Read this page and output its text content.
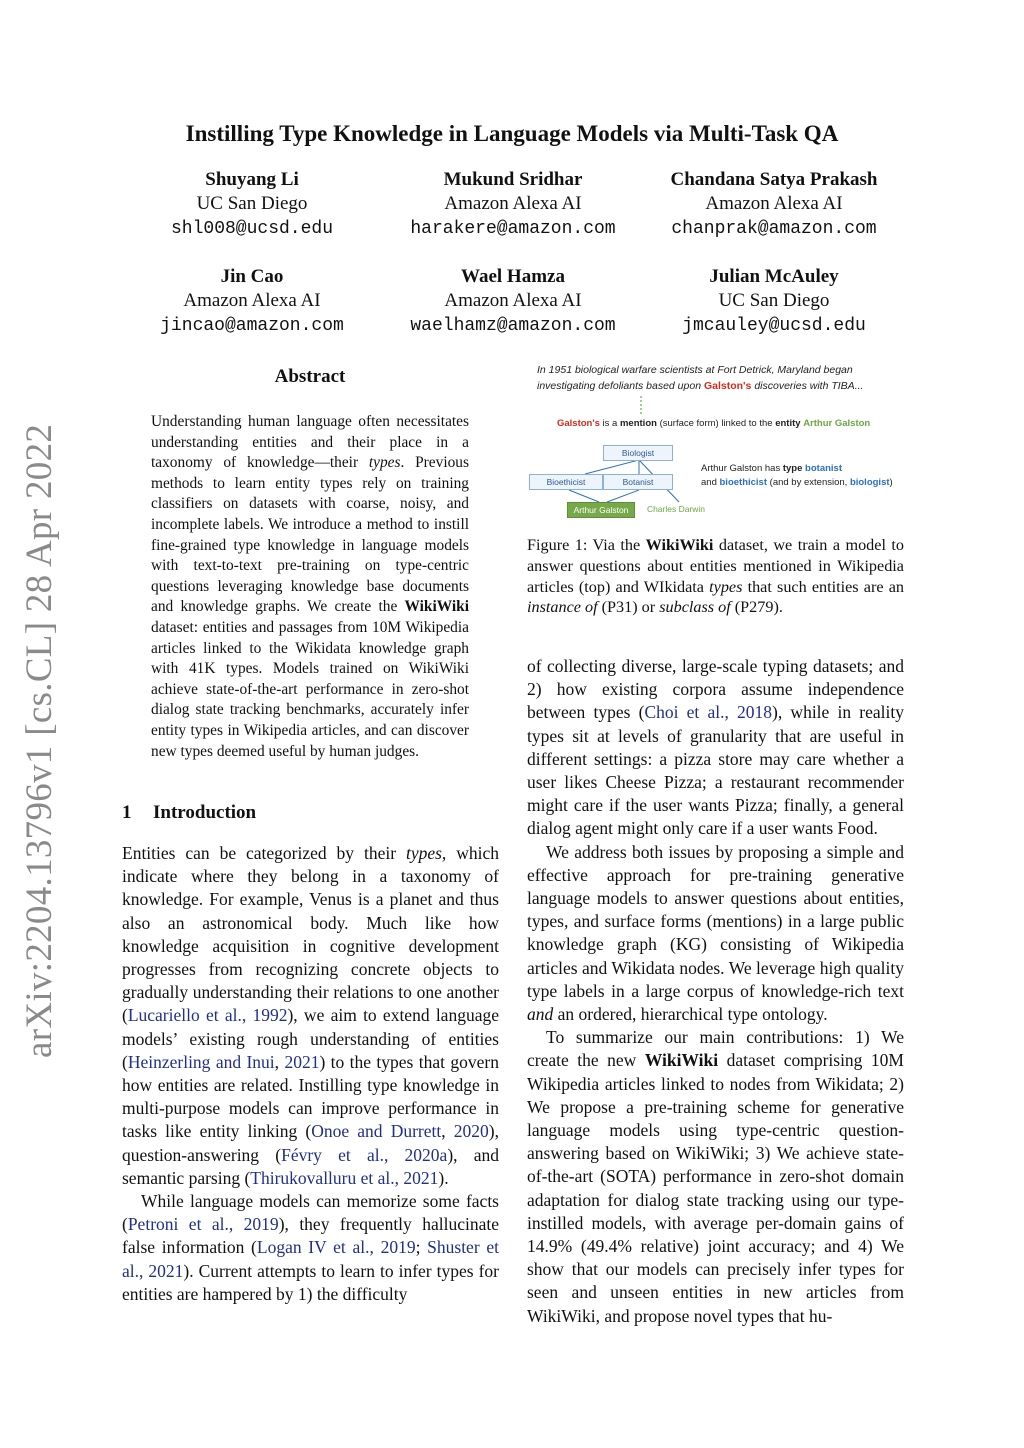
arXiv:2204.13796v1 [cs.CL] 28 Apr 2022
Instilling Type Knowledge in Language Models via Multi-Task QA
Shuyang Li
UC San Diego
shl008@ucsd.edu
Mukund Sridhar
Amazon Alexa AI
harakere@amazon.com
Chandana Satya Prakash
Amazon Alexa AI
chanprak@amazon.com
Jin Cao
Amazon Alexa AI
jincao@amazon.com
Wael Hamza
Amazon Alexa AI
waelhamz@amazon.com
Julian McAuley
UC San Diego
jmcauley@ucsd.edu
Abstract
Understanding human language often necessitates understanding entities and their place in a taxonomy of knowledge—their types. Previous methods to learn entity types rely on training classifiers on datasets with coarse, noisy, and incomplete labels. We introduce a method to instill fine-grained type knowledge in language models with text-to-text pre-training on type-centric questions leveraging knowledge base documents and knowledge graphs. We create the WikiWiki dataset: entities and passages from 10M Wikipedia articles linked to the Wikidata knowledge graph with 41K types. Models trained on WikiWiki achieve state-of-the-art performance in zero-shot dialog state tracking benchmarks, accurately infer entity types in Wikipedia articles, and can discover new types deemed useful by human judges.
1 Introduction

Entities can be categorized by their types, which indicate where they belong in a taxonomy of knowledge. For example, Venus is a planet and thus also an astronomical body. Much like how knowledge acquisition in cognitive development progresses from recognizing concrete objects to gradually understanding their relations to one another (Lucariello et al., 1992), we aim to extend language models’ existing rough understanding of entities (Heinzerling and Inui, 2021) to the types that govern how entities are related. Instilling type knowledge in multi-purpose models can improve performance in tasks like entity linking (Onoe and Durrett, 2020), question-answering (Févry et al., 2020a), and semantic parsing (Thirukovalluru et al., 2021).

While language models can memorize some facts (Petroni et al., 2019), they frequently hallucinate false information (Logan IV et al., 2019; Shuster et al., 2021). Current attempts to learn to infer types for entities are hampered by 1) the difficulty

In 1951 biological warfare scientists at Fort Detrick, Maryland began
investigating defoliants based upon Galston's discoveries with TIBA...
Galston's is a mention (surface form) linked to the entity Arthur Galston
Biologist
Bioethicist	Botanist
Arthur Galston	Charles Darwin
Arthur Galston has type botanist
and bioethicist (and by extension, biologist)
Figure 1: Via the WikiWiki dataset, we train a model to answer questions about entities mentioned in Wikipedia articles (top) and WIkidata types that such entities are an instance of (P31) or subclass of (P279).

of collecting diverse, large-scale typing datasets; and 2) how existing corpora assume independence between types (Choi et al., 2018), while in reality types sit at levels of granularity that are useful in different settings: a pizza store may care whether a user likes Cheese Pizza; a restaurant recommender might care if the user wants Pizza; finally, a general dialog agent might only care if a user wants Food.

We address both issues by proposing a simple and effective approach for pre-training generative language models to answer questions about entities, types, and surface forms (mentions) in a large public knowledge graph (KG) consisting of Wikipedia articles and Wikidata nodes. We leverage high quality type labels in a large corpus of knowledge-rich text and an ordered, hierarchical type ontology.

To summarize our main contributions: 1) We create the new WikiWiki dataset comprising 10M Wikipedia articles linked to nodes from Wikidata; 2) We propose a pre-training scheme for generative language models using type-centric question-answering based on WikiWiki; 3) We achieve state-of-the-art (SOTA) performance in zero-shot domain adaptation for dialog state tracking using our type-instilled models, with average per-domain gains of 14.9% (49.4% relative) joint accuracy; and 4) We show that our models can precisely infer types for seen and unseen entities in new articles from WikiWiki, and propose novel types that hu-
